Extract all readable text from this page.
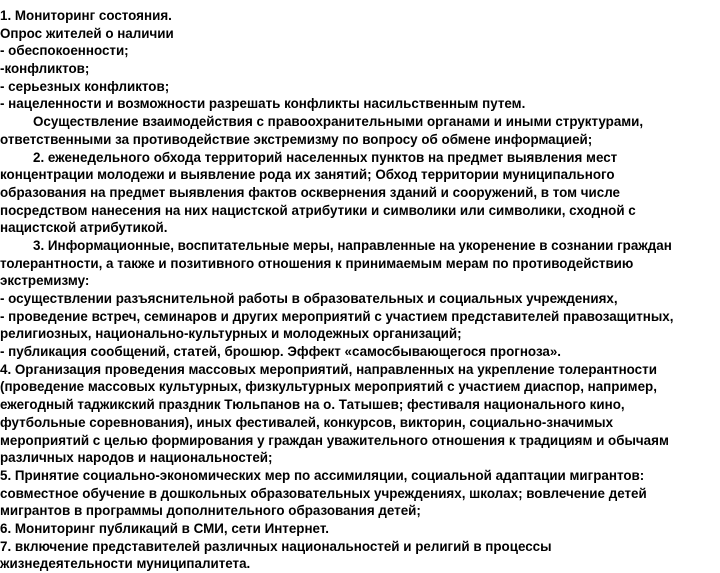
1. Мониторинг состояния.
Опрос жителей о наличии
- обеспокоенности;
-конфликтов;
- серьезных конфликтов;
- нацеленности и возможности разрешать конфликты насильственным путем.
Осуществление взаимодействия с правоохранительными органами и иными структурами,
ответственными за противодействие экстремизму по вопросу об обмене информацией;
2. еженедельного обхода территорий населенных пунктов на предмет выявления мест
концентрации молодежи и выявление рода их занятий; Обход территории муниципального
образования на предмет выявления фактов осквернения зданий и сооружений, в том числе
посредством нанесения на них нацистской атрибутики и символики или символики, сходной с
нацистской атрибутикой.
3. Информационные, воспитательные меры, направленные на укоренение в сознании граждан
толерантности, а также и позитивного отношения к принимаемым мерам по противодействию
экстремизму:
- осуществлении разъяснительной работы в образовательных и социальных учреждениях,
- проведение встреч, семинаров и других мероприятий с участием представителей правозащитных,
религиозных, национально-культурных и молодежных организаций;
- публикация сообщений, статей, брошюр. Эффект «самосбывающегося прогноза».
4. Организация проведения массовых мероприятий, направленных на укрепление толерантности
(проведение массовых культурных, физкультурных мероприятий с участием диаспор, например,
ежегодный таджикский праздник Тюльпанов на о. Татышев; фестиваля национального кино,
футбольные соревнования), иных фестивалей, конкурсов, викторин, социально-значимых
мероприятий с целью формирования у граждан уважительного отношения к традициям и обычаям
различных народов и национальностей;
5. Принятие социально-экономических мер по ассимиляции, социальной адаптации мигрантов:
совместное обучение в дошкольных образовательных учреждениях, школах; вовлечение детей
мигрантов в программы дополнительного образования детей;
6. Мониторинг публикаций в СМИ, сети Интернет.
7. включение представителей различных национальностей и религий в процессы
жизнедеятельности муниципалитета.
